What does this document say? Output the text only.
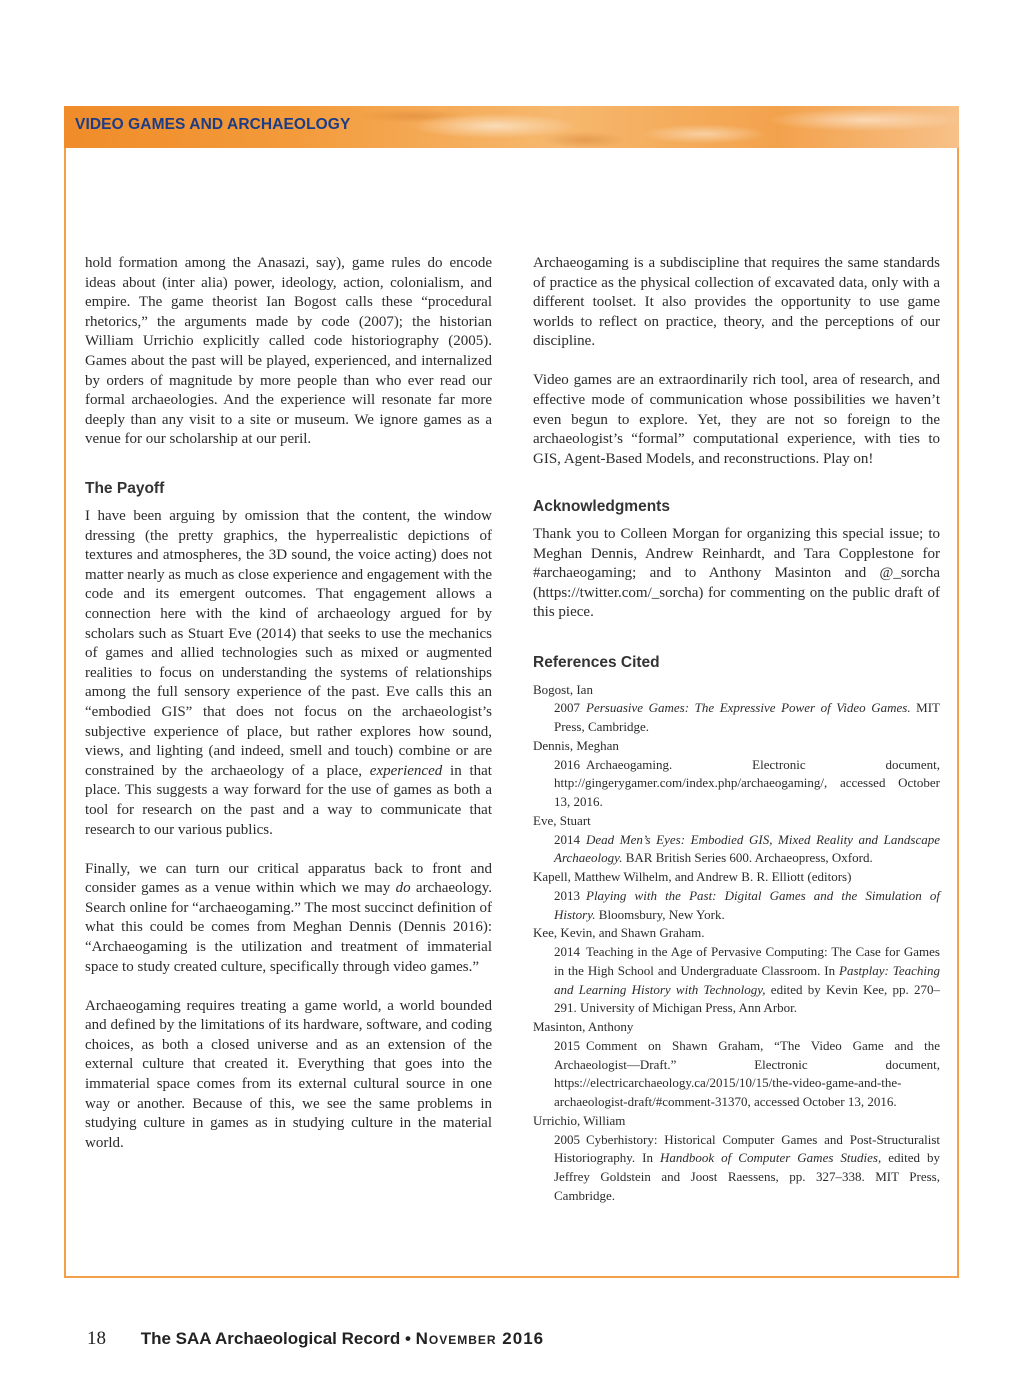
VIDEO GAMES AND ARCHAEOLOGY

hold formation among the Anasazi, say), game rules do encode ideas about (inter alia) power, ideology, action, colonialism, and empire. The game theorist Ian Bogost calls these “procedural rhetorics,” the arguments made by code (2007); the historian William Urrichio explicitly called code historiography (2005). Games about the past will be played, experienced, and internalized by orders of magnitude by more people than who ever read our formal archaeologies. And the experience will resonate far more deeply than any visit to a site or museum. We ignore games as a venue for our scholarship at our peril.

The Payoff

I have been arguing by omission that the content, the window dressing (the pretty graphics, the hyperrealistic depictions of textures and atmospheres, the 3D sound, the voice acting) does not matter nearly as much as close experience and engagement with the code and its emergent outcomes. That engagement allows a connection here with the kind of archaeology argued for by scholars such as Stuart Eve (2014) that seeks to use the mechanics of games and allied technologies such as mixed or augmented realities to focus on understanding the systems of relationships among the full sensory experience of the past. Eve calls this an “embodied GIS” that does not focus on the archaeologist’s subjective experience of place, but rather explores how sound, views, and lighting (and indeed, smell and touch) combine or are constrained by the archaeology of a place, experienced in that place. This suggests a way forward for the use of games as both a tool for research on the past and a way to communicate that research to our various publics.

Finally, we can turn our critical apparatus back to front and consider games as a venue within which we may do archaeology. Search online for “archaeogaming.” The most succinct definition of what this could be comes from Meghan Dennis (Dennis 2016): “Archaeogaming is the utilization and treatment of immaterial space to study created culture, specifically through video games.”

Archaeogaming requires treating a game world, a world bounded and defined by the limitations of its hardware, software, and coding choices, as both a closed universe and as an extension of the external culture that created it. Everything that goes into the immaterial space comes from its external cultural source in one way or another. Because of this, we see the same problems in studying culture in games as in studying culture in the material world.

Archaeogaming is a subdiscipline that requires the same standards of practice as the physical collection of excavated data, only with a different toolset. It also provides the opportunity to use game worlds to reflect on practice, theory, and the perceptions of our discipline.

Video games are an extraordinarily rich tool, area of research, and effective mode of communication whose possibilities we haven’t even begun to explore. Yet, they are not so foreign to the archaeologist’s “formal” computational experience, with ties to GIS, Agent-Based Models, and reconstructions. Play on!

Acknowledgments

Thank you to Colleen Morgan for organizing this special issue; to Meghan Dennis, Andrew Reinhardt, and Tara Copplestone for #archaeogaming; and to Anthony Masinton and @_sorcha (https://twitter.com/_sorcha) for commenting on the public draft of this piece.

References Cited

Bogost, Ian

2007 Persuasive Games: The Expressive Power of Video Games. MIT Press, Cambridge.

Dennis, Meghan

2016 Archaeogaming. Electronic document, http://gingerygamer.com/index.php/archaeogaming/, accessed October 13, 2016.

Eve, Stuart

2014 Dead Men’s Eyes: Embodied GIS, Mixed Reality and Landscape Archaeology. BAR British Series 600. Archaeopress, Oxford.

Kapell, Matthew Wilhelm, and Andrew B. R. Elliott (editors)

2013 Playing with the Past: Digital Games and the Simulation of History. Bloomsbury, New York.

Kee, Kevin, and Shawn Graham.

2014 Teaching in the Age of Pervasive Computing: The Case for Games in the High School and Undergraduate Classroom. In Pastplay: Teaching and Learning History with Technology, edited by Kevin Kee, pp. 270–291. University of Michigan Press, Ann Arbor.

Masinton, Anthony

2015 Comment on Shawn Graham, “The Video Game and the Archaeologist—Draft.” Electronic document, https://electricarchaeology.ca/2015/10/15/the-video-game-and-the-archaeologist-draft/#comment-31370, accessed October 13, 2016.

Urrichio, William

2005 Cyberhistory: Historical Computer Games and Post-Structuralist Historiography. In Handbook of Computer Games Studies, edited by Jeffrey Goldstein and Joost Raessens, pp. 327–338. MIT Press, Cambridge.

18 The SAA Archaeological Record • November 2016
